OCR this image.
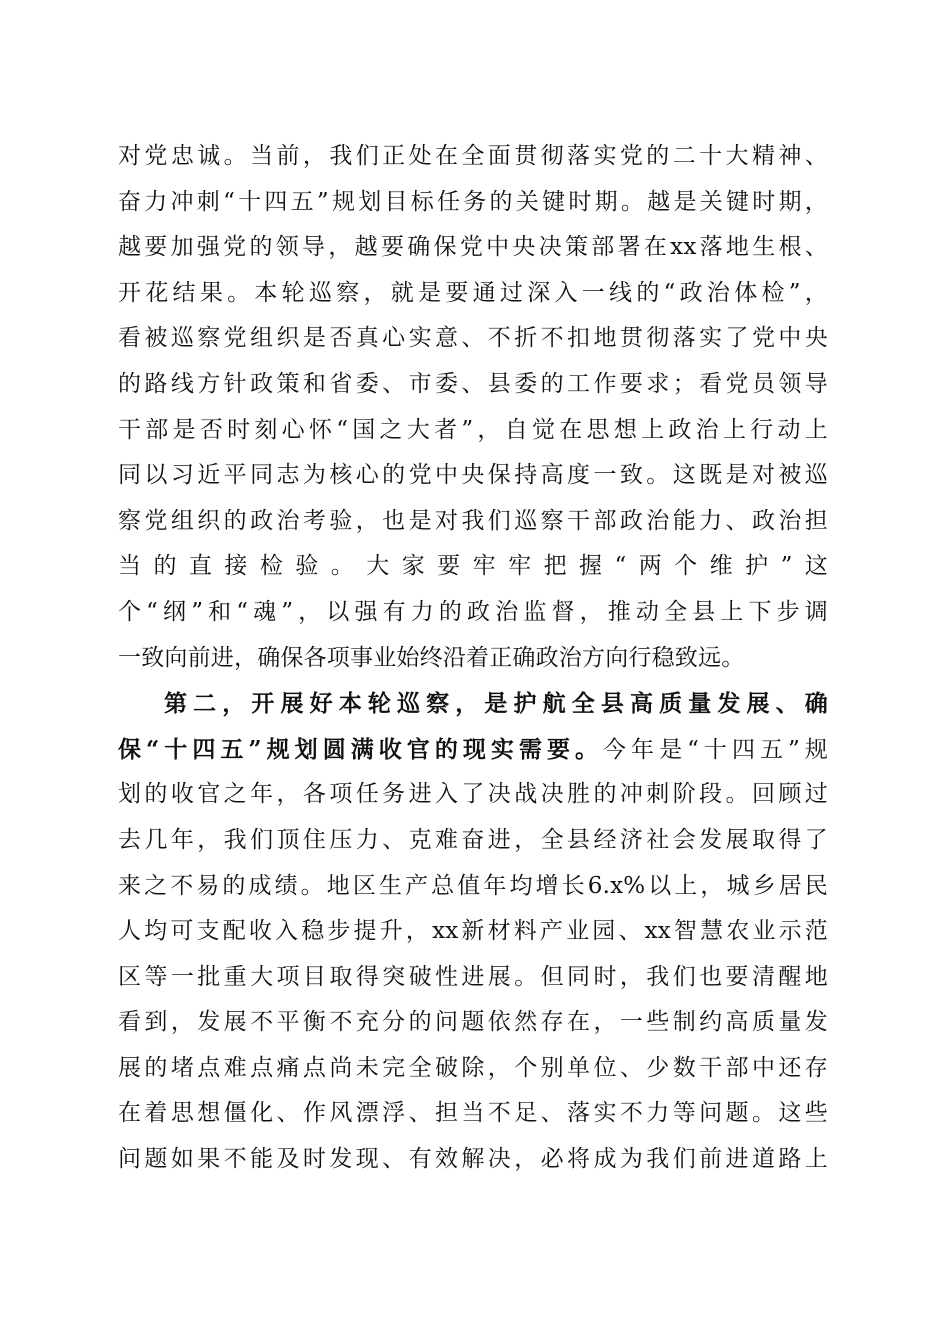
对党忠诚。当前，我们正处在全面贯彻落实党的二十大精神、
奋力冲刺“十四五”规划目标任务的关键时期。越是关键时期，
越要加强党的领导，越要确保党中央决策部署在xx落地生根、
开花结果。本轮巡察，就是要通过深入一线的“政治体检”，
看被巡察党组织是否真心实意、不折不扣地贯彻落实了党中央
的路线方针政策和省委、市委、县委的工作要求；看党员领导
干部是否时刻心怀“国之大者”，自觉在思想上政治上行动上
同以习近平同志为核心的党中央保持高度一致。这既是对被巡
察党组织的政治考验，也是对我们巡察干部政治能力、政治担
当的直接检验。大家要牢牢把握“两个维护”这
个“纲”和“魂”，以强有力的政治监督，推动全县上下步调
一致向前进，确保各项事业始终沿着正确政治方向行稳致远。
第二，开展好本轮巡察，是护航全县高质量发展、确
保“十四五”规划圆满收官的现实需要。今年是“十四五”规
划的收官之年，各项任务进入了决战决胜的冲刺阶段。回顾过
去几年，我们顶住压力、克难奋进，全县经济社会发展取得了
来之不易的成绩。地区生产总值年均增长6.x%以上，城乡居民
人均可支配收入稳步提升，xx新材料产业园、xx智慧农业示范
区等一批重大项目取得突破性进展。但同时，我们也要清醒地
看到，发展不平衡不充分的问题依然存在，一些制约高质量发
展的堵点难点痛点尚未完全破除，个别单位、少数干部中还存
在着思想僵化、作风漂浮、担当不足、落实不力等问题。这些
问题如果不能及时发现、有效解决，必将成为我们前进道路上
